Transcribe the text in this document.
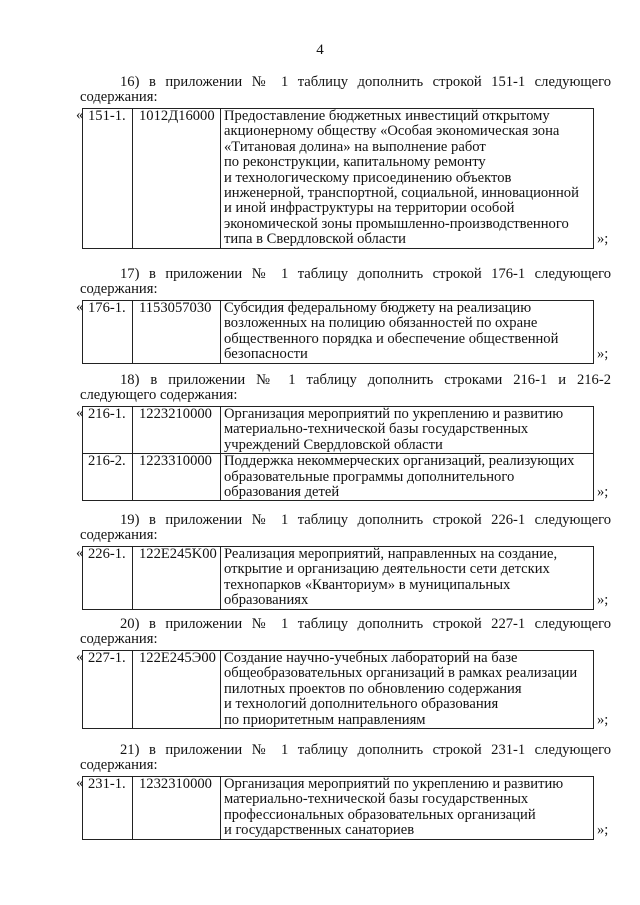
4
16) в приложении № 1 таблицу дополнить строкой 151-1 следующего
содержания:
151-1. 1012Д16000 Предоставление бюджетных инвестиций открытому
акционерному обществу «Особая экономическая зона
«Титановая долина» на выполнение работ
по реконструкции, капитальному ремонту
и технологическому присоединению объектов
инженерной, транспортной, социальной, инновационной
и иной инфраструктуры на территории особой
экономической зоны промышленно-производственного
типа в Свердловской области
«
»;
17) в приложении № 1 таблицу дополнить строкой 176-1 следующего
содержания:
176-1. 1153057030 Субсидия федеральному бюджету на реализацию
возложенных на полицию обязанностей по охране
общественного порядка и обеспечение общественной
безопасности
«
»;
18) в приложении № 1 таблицу дополнить строками 216-1 и 216-2
следующего содержания:
216-1. 1223210000 Организация мероприятий по укреплению и развитию
материально-технической базы государственных
учреждений Свердловской области
216-2. 1223310000 Поддержка некоммерческих организаций, реализующих
образовательные программы дополнительного
образования детей
«
»;
19) в приложении № 1 таблицу дополнить строкой 226-1 следующего
содержания:
226-1. 122E245K00 Реализация мероприятий, направленных на создание,
открытие и организацию деятельности сети детских
технопарков «Кванториум» в муниципальных
образованиях
«
»;
20) в приложении № 1 таблицу дополнить строкой 227-1 следующего
содержания:
227-1. 122E245Э00 Создание научно-учебных лабораторий на базе
общеобразовательных организаций в рамках реализации
пилотных проектов по обновлению содержания
и технологий дополнительного образования
по приоритетным направлениям
«
»;
21) в приложении № 1 таблицу дополнить строкой 231-1 следующего
содержания:
231-1. 1232310000 Организация мероприятий по укреплению и развитию
материально-технической базы государственных
профессиональных образовательных организаций
и государственных санаториев
«
»;
